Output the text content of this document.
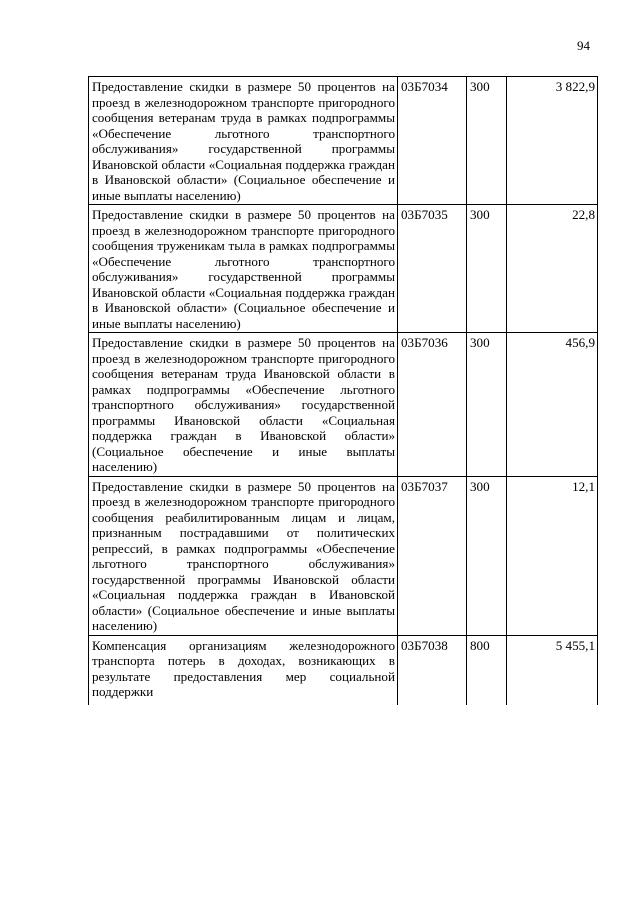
94
Предоставление скидки в размере 50 процентов на проезд в железнодорожном транспорте пригородного сообщения ветеранам труда в рамках подпрограммы «Обеспечение льготного транспортного обслуживания» государственной программы Ивановской области «Социальная поддержка граждан в Ивановской области» (Социальное обеспечение и иные выплаты населению)	03Б7034	300	3 822,9
Предоставление скидки в размере 50 процентов на проезд в железнодорожном транспорте пригородного сообщения труженикам тыла в рамках подпрограммы «Обеспечение льготного транспортного обслуживания» государственной программы Ивановской области «Социальная поддержка граждан в Ивановской области» (Социальное обеспечение и иные выплаты населению)	03Б7035	300	22,8
Предоставление скидки в размере 50 процентов на проезд в железнодорожном транспорте пригородного сообщения ветеранам труда Ивановской области в рамках подпрограммы «Обеспечение льготного транспортного обслуживания» государственной программы Ивановской области «Социальная поддержка граждан в Ивановской области» (Социальное обеспечение и иные выплаты населению)	03Б7036	300	456,9
Предоставление скидки в размере 50 процентов на проезд в железнодорожном транспорте пригородного сообщения реабилитированным лицам и лицам, признанным пострадавшими от политических репрессий, в рамках подпрограммы «Обеспечение льготного транспортного обслуживания» государственной программы Ивановской области «Социальная поддержка граждан в Ивановской области» (Социальное обеспечение и иные выплаты населению)	03Б7037	300	12,1
Компенсация организациям железнодорожного транспорта потерь в доходах, возникающих в результате предоставления мер социальной поддержки	03Б7038	800	5 455,1
